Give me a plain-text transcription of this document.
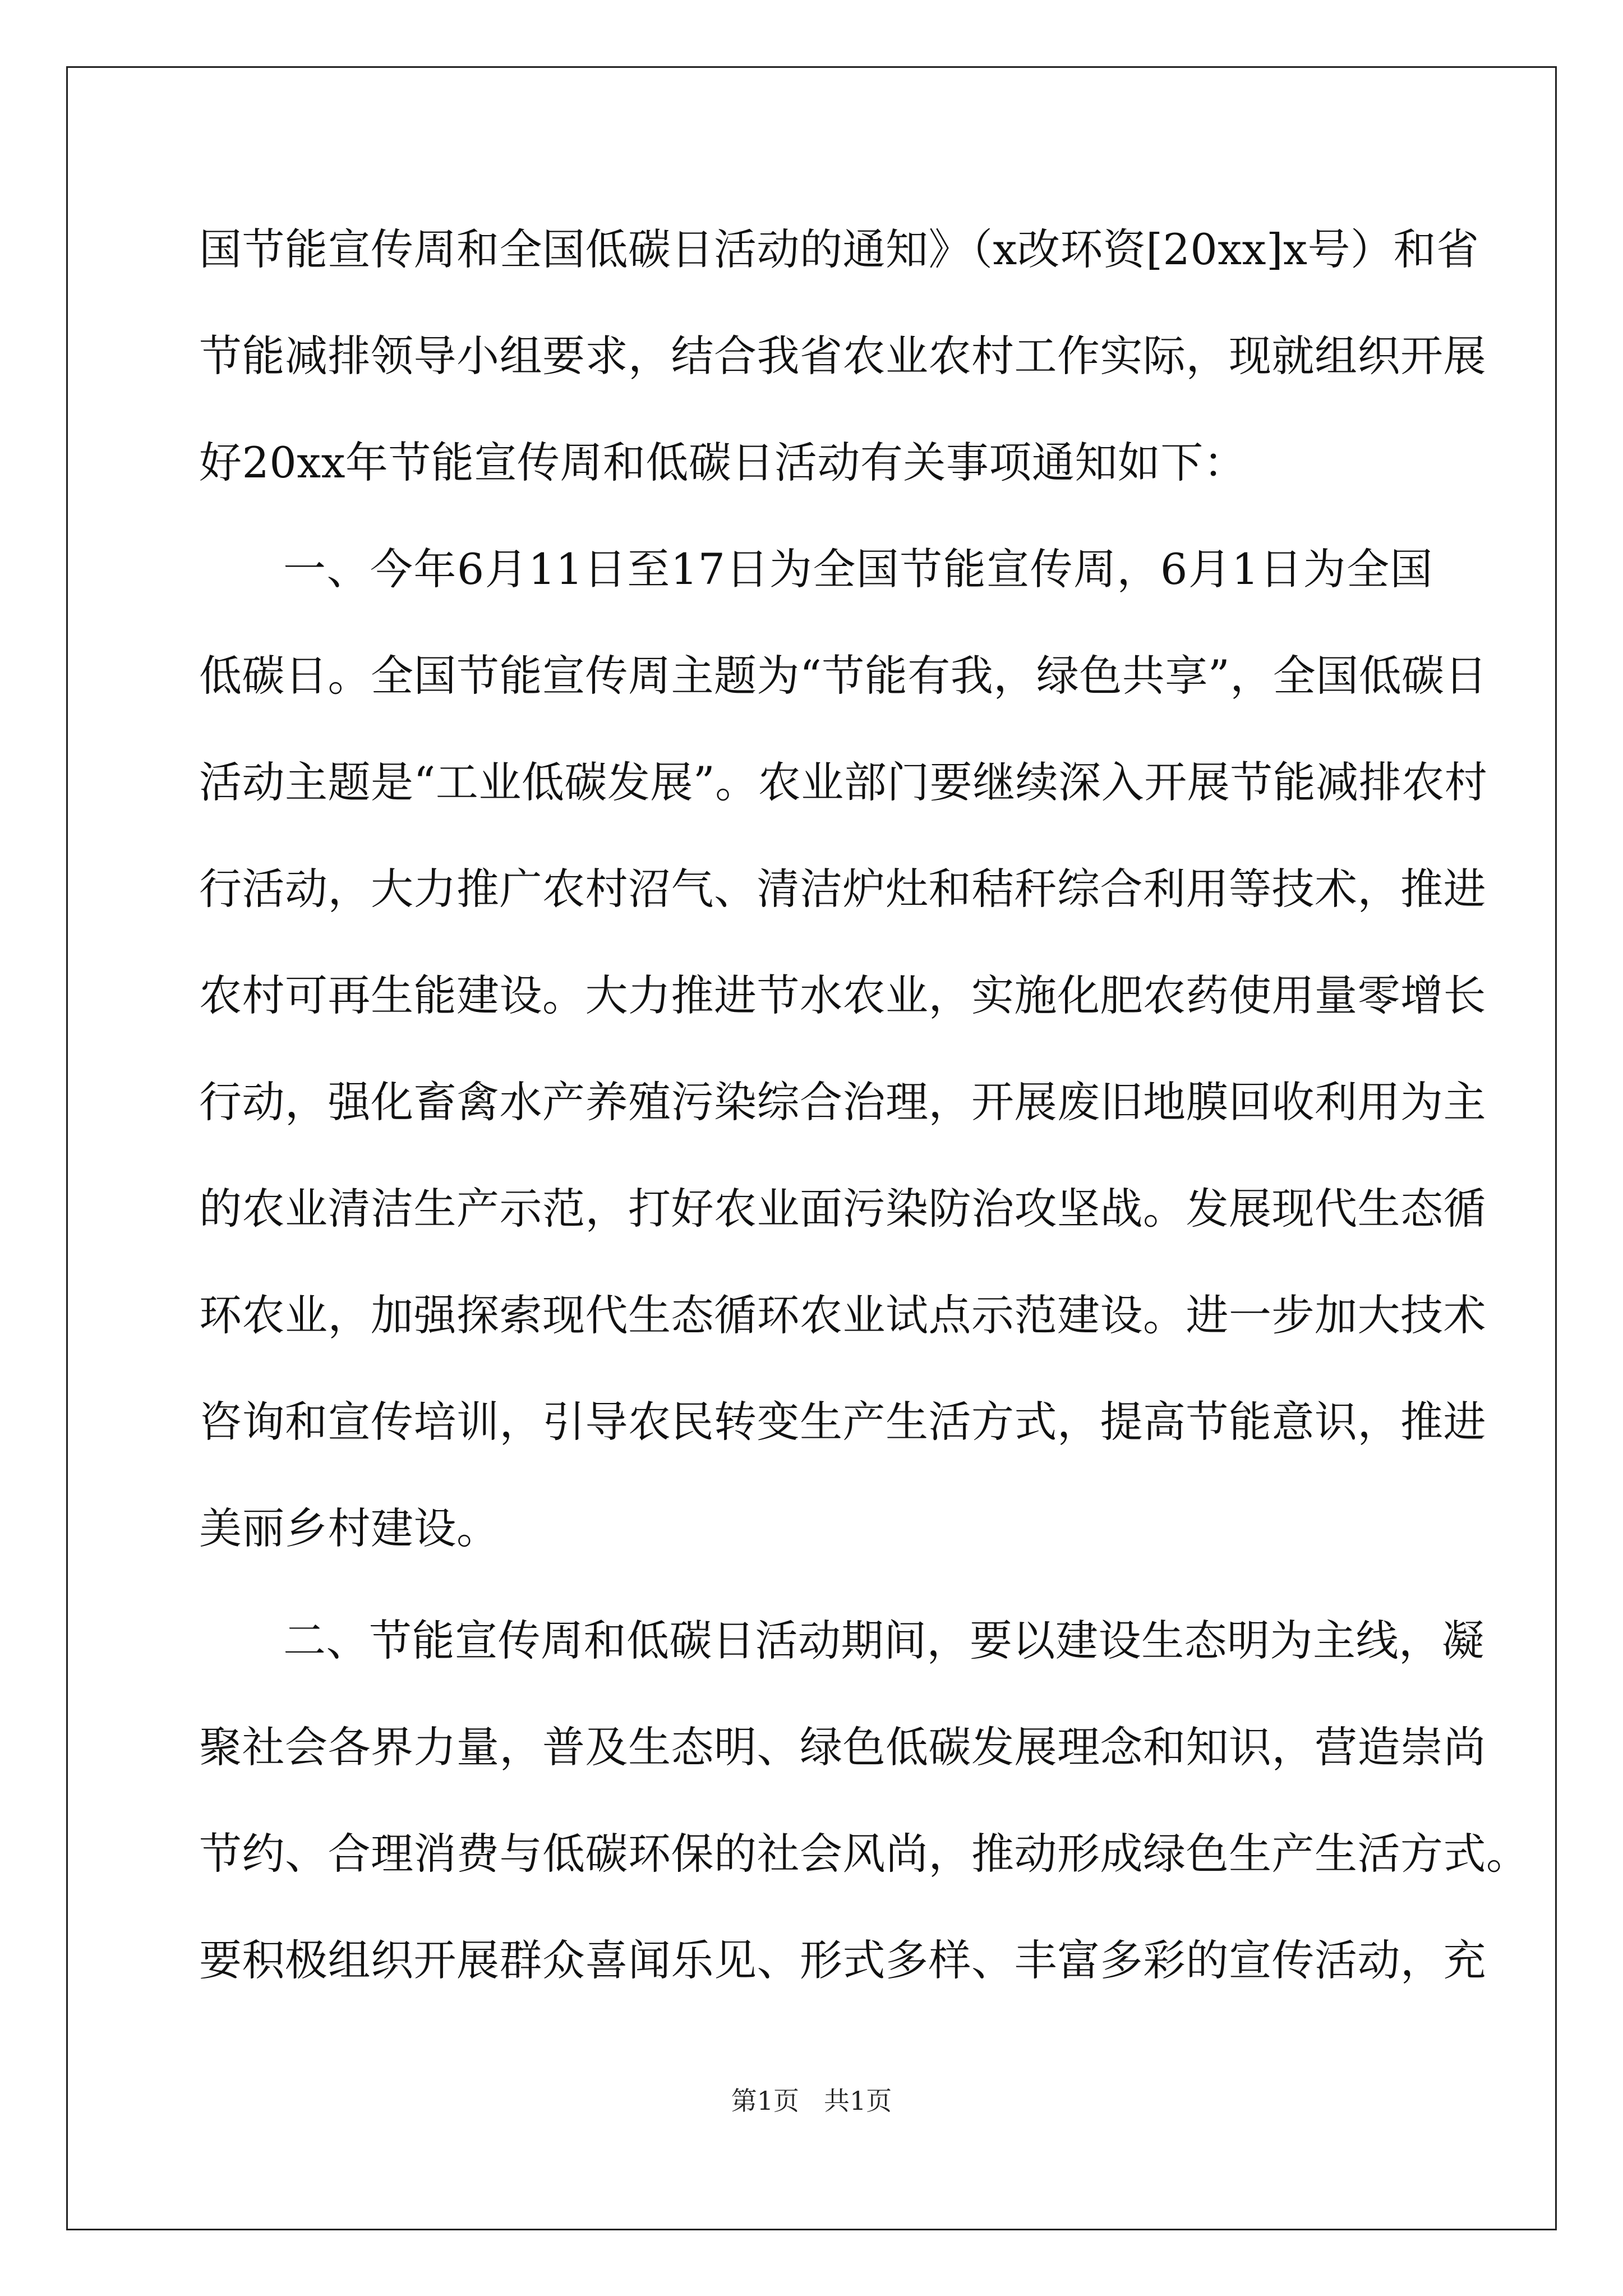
国节能宣传周和全国低碳日活动的通知》（x改环资[20xx]x号）和省
节能减排领导小组要求，结合我省农业农村工作实际，现就组织开展
好20xx年节能宣传周和低碳日活动有关事项通知如下：
一、今年6月11日至17日为全国节能宣传周，6月1日为全国
低碳日。全国节能宣传周主题为“节能有我，绿色共享”，全国低碳日
活动主题是“工业低碳发展”。农业部门要继续深入开展节能减排农村
行活动，大力推广农村沼气、清洁炉灶和秸秆综合利用等技术，推进
农村可再生能建设。大力推进节水农业，实施化肥农药使用量零增长
行动，强化畜禽水产养殖污染综合治理，开展废旧地膜回收利用为主
的农业清洁生产示范，打好农业面污染防治攻坚战。发展现代生态循
环农业，加强探索现代生态循环农业试点示范建设。进一步加大技术
咨询和宣传培训，引导农民转变生产生活方式，提高节能意识，推进
美丽乡村建设。
二、节能宣传周和低碳日活动期间，要以建设生态明为主线，凝
聚社会各界力量，普及生态明、绿色低碳发展理念和知识，营造崇尚
节约、合理消费与低碳环保的社会风尚，推动形成绿色生产生活方式。
要积极组织开展群众喜闻乐见、形式多样、丰富多彩的宣传活动，充
第1页 共1页
